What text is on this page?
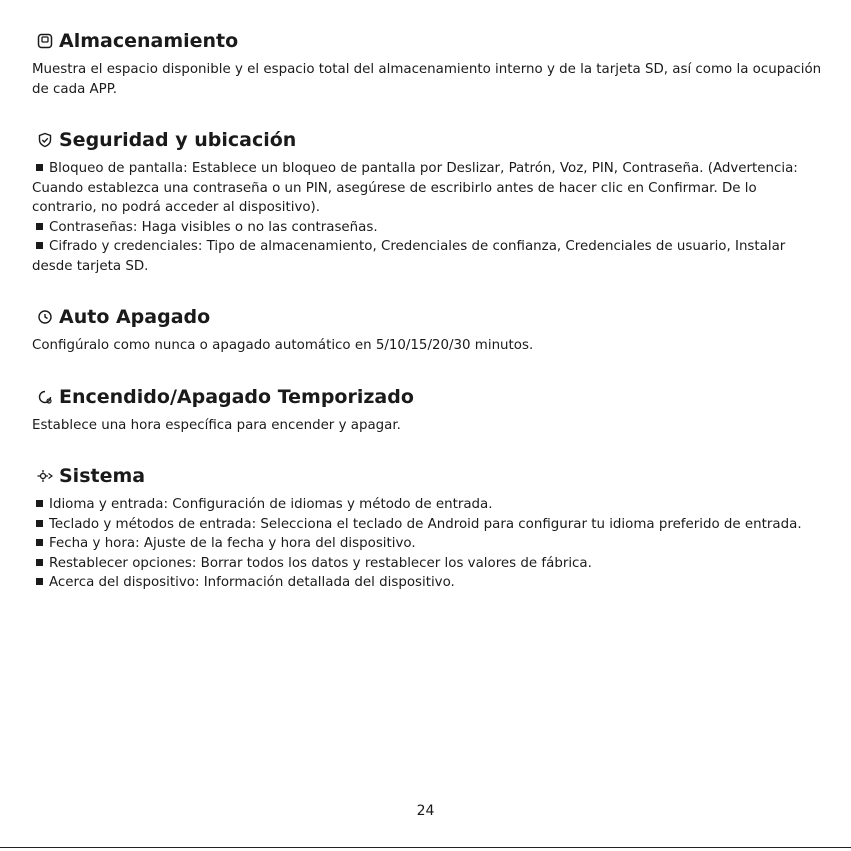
Almacenamiento

Muestra el espacio disponible y el espacio total del almacenamiento interno y de la tarjeta SD, así como la ocupación de cada APP.

Seguridad y ubicación

Bloqueo de pantalla: Establece un bloqueo de pantalla por Deslizar, Patrón, Voz, PIN, Contraseña. (Advertencia: Cuando establezca una contraseña o un PIN, asegúrese de escribirlo antes de hacer clic en Confirmar. De lo contrario, no podrá acceder al dispositivo).

Contraseñas: Haga visibles o no las contraseñas.

Cifrado y credenciales: Tipo de almacenamiento, Credenciales de confianza, Credenciales de usuario, Instalar desde tarjeta SD.

Auto Apagado

Configúralo como nunca o apagado automático en 5/10/15/20/30 minutos.

Encendido/Apagado Temporizado

Establece una hora específica para encender y apagar.

Sistema

Idioma y entrada: Configuración de idiomas y método de entrada.

Teclado y métodos de entrada: Selecciona el teclado de Android para configurar tu idioma preferido de entrada.

Fecha y hora: Ajuste de la fecha y hora del dispositivo.

Restablecer opciones: Borrar todos los datos y restablecer los valores de fábrica.

Acerca del dispositivo: Información detallada del dispositivo.

24
